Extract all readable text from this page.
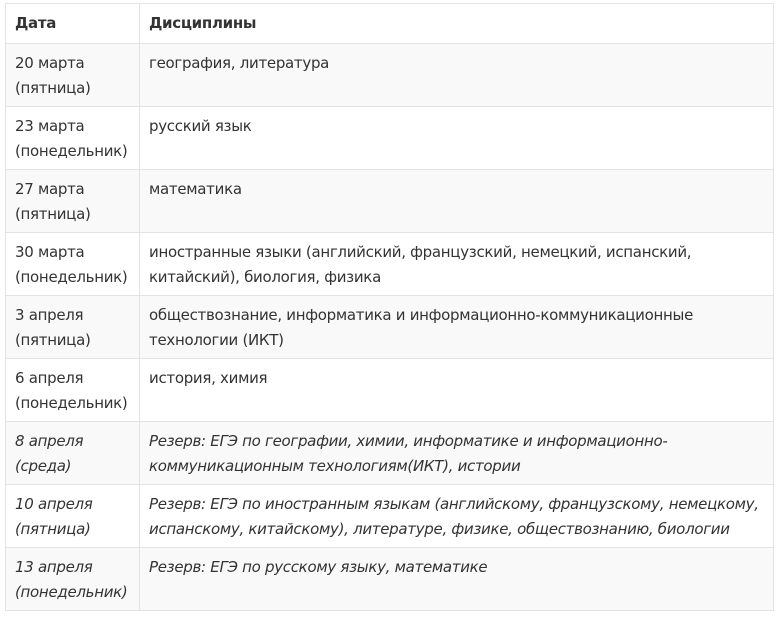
Дата	Дисциплины

20 марта
(пятница)	география, литература

23 марта
(понедельник)	русский язык

27 марта
(пятница)	математика

30 марта
(понедельник)	иностранные языки (английский, французский, немецкий, испанский, китайский), биология, физика

3 апреля
(пятница)	обществознание, информатика и информационно-коммуникационные технологии (ИКТ)

6 апреля
(понедельник)	история, химия

8 апреля
(среда)	Резерв: ЕГЭ по географии, химии, информатике и информационно-коммуникационным технологиям(ИКТ), истории

10 апреля
(пятница)	Резерв: ЕГЭ по иностранным языкам (английскому, французскому, немецкому, испанскому, китайскому), литературе, физике, обществознанию, биологии

13 апреля
(понедельник)	Резерв: ЕГЭ по русскому языку, математике
